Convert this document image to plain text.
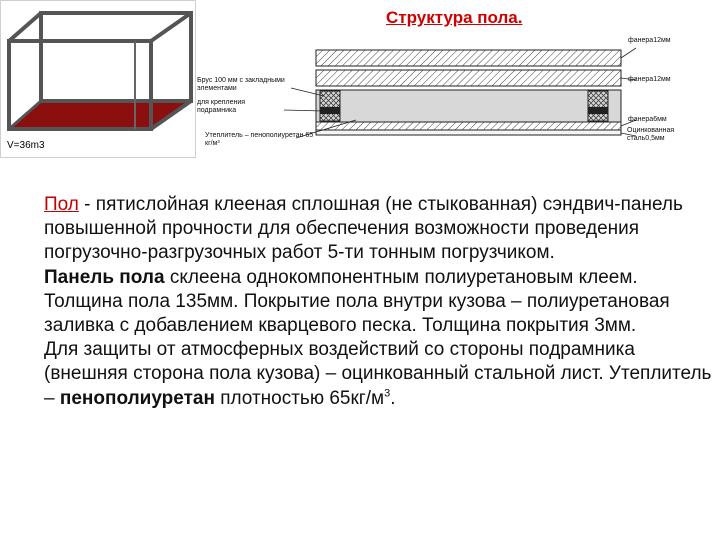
V=36m3
Структура пола.
фанера12мм
фанера12мм
фанера6мм
Оцинкованная сталь0,5мм
Брус 100 мм с закладными элементами
для крепления подрамника
Утеплитель – пенополиуретан 65 кг/м³

Пол - пятислойная клееная сплошная (не стыкованная) сэндвич-панель повышенной прочности для обеспечения возможности проведения погрузочно-разгрузочных работ 5-ти тонным погрузчиком.

Панель пола склеена однокомпонентным полиуретановым клеем. Толщина пола 135мм. Покрытие пола внутри кузова – полиуретановая заливка с добавлением кварцевого песка. Толщина покрытия 3мм.

Для защиты от атмосферных воздействий со стороны подрамника (внешняя сторона пола кузова) – оцинкованный стальной лист. Утеплитель – пенополиуретан плотностью $65кг/м^3$.
